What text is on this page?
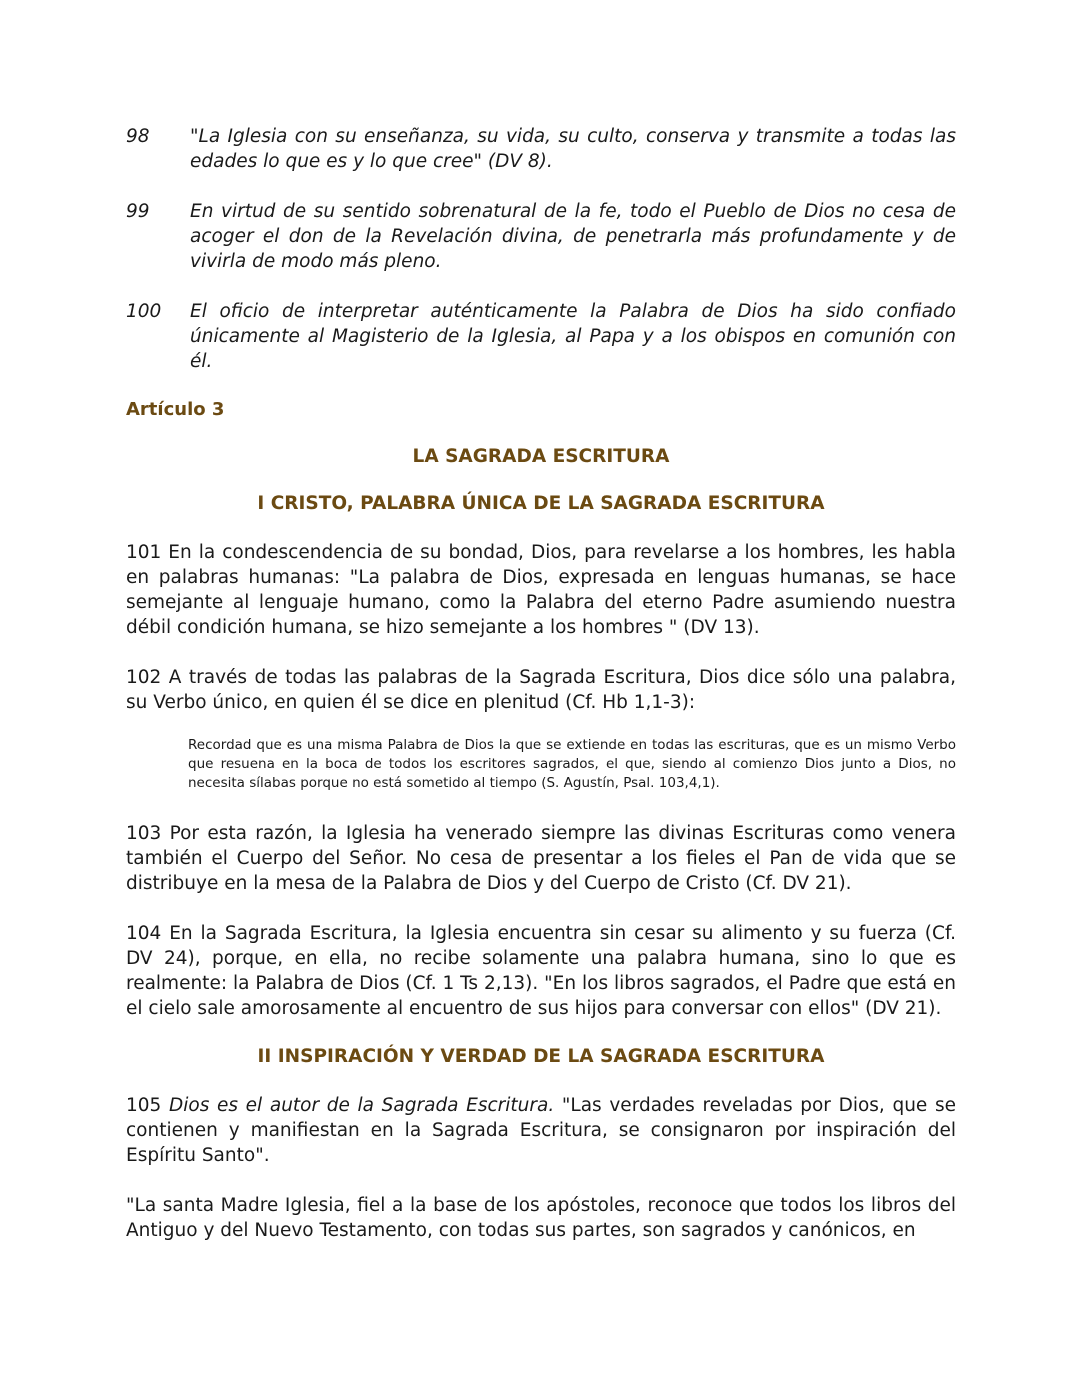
98	"La Iglesia con su enseñanza, su vida, su culto, conserva y transmite a todas las edades lo que es y lo que cree" (DV 8).
99	En virtud de su sentido sobrenatural de la fe, todo el Pueblo de Dios no cesa de acoger el don de la Revelación divina, de penetrarla más profundamente y de vivirla de modo más pleno.
100	El oficio de interpretar auténticamente la Palabra de Dios ha sido confiado únicamente al Magisterio de la Iglesia, al Papa y a los obispos en comunión con él.
Artículo 3
LA SAGRADA ESCRITURA
I CRISTO, PALABRA ÚNICA DE LA SAGRADA ESCRITURA
101 En la condescendencia de su bondad, Dios, para revelarse a los hombres, les habla en palabras humanas: "La palabra de Dios, expresada en lenguas humanas, se hace semejante al lenguaje humano, como la Palabra del eterno Padre asumiendo nuestra débil condición humana, se hizo semejante a los hombres " (DV 13).
102 A través de todas las palabras de la Sagrada Escritura, Dios dice sólo una palabra, su Verbo único, en quien él se dice en plenitud (Cf. Hb 1,1-3):
Recordad que es una misma Palabra de Dios la que se extiende en todas las escrituras, que es un mismo Verbo que resuena en la boca de todos los escritores sagrados, el que, siendo al comienzo Dios junto a Dios, no necesita sílabas porque no está sometido al tiempo (S. Agustín, Psal. 103,4,1).
103 Por esta razón, la Iglesia ha venerado siempre las divinas Escrituras como venera también el Cuerpo del Señor. No cesa de presentar a los fieles el Pan de vida que se distribuye en la mesa de la Palabra de Dios y del Cuerpo de Cristo (Cf. DV 21).
104 En la Sagrada Escritura, la Iglesia encuentra sin cesar su alimento y su fuerza (Cf. DV 24), porque, en ella, no recibe solamente una palabra humana, sino lo que es realmente: la Palabra de Dios (Cf. 1 Ts 2,13). "En los libros sagrados, el Padre que está en el cielo sale amorosamente al encuentro de sus hijos para conversar con ellos" (DV 21).
II INSPIRACIÓN Y VERDAD DE LA SAGRADA ESCRITURA
105 Dios es el autor de la Sagrada Escritura. "Las verdades reveladas por Dios, que se contienen y manifiestan en la Sagrada Escritura, se consignaron por inspiración del Espíritu Santo".
"La santa Madre Iglesia, fiel a la base de los apóstoles, reconoce que todos los libros del Antiguo y del Nuevo Testamento, con todas sus partes, son sagrados y canónicos, en
